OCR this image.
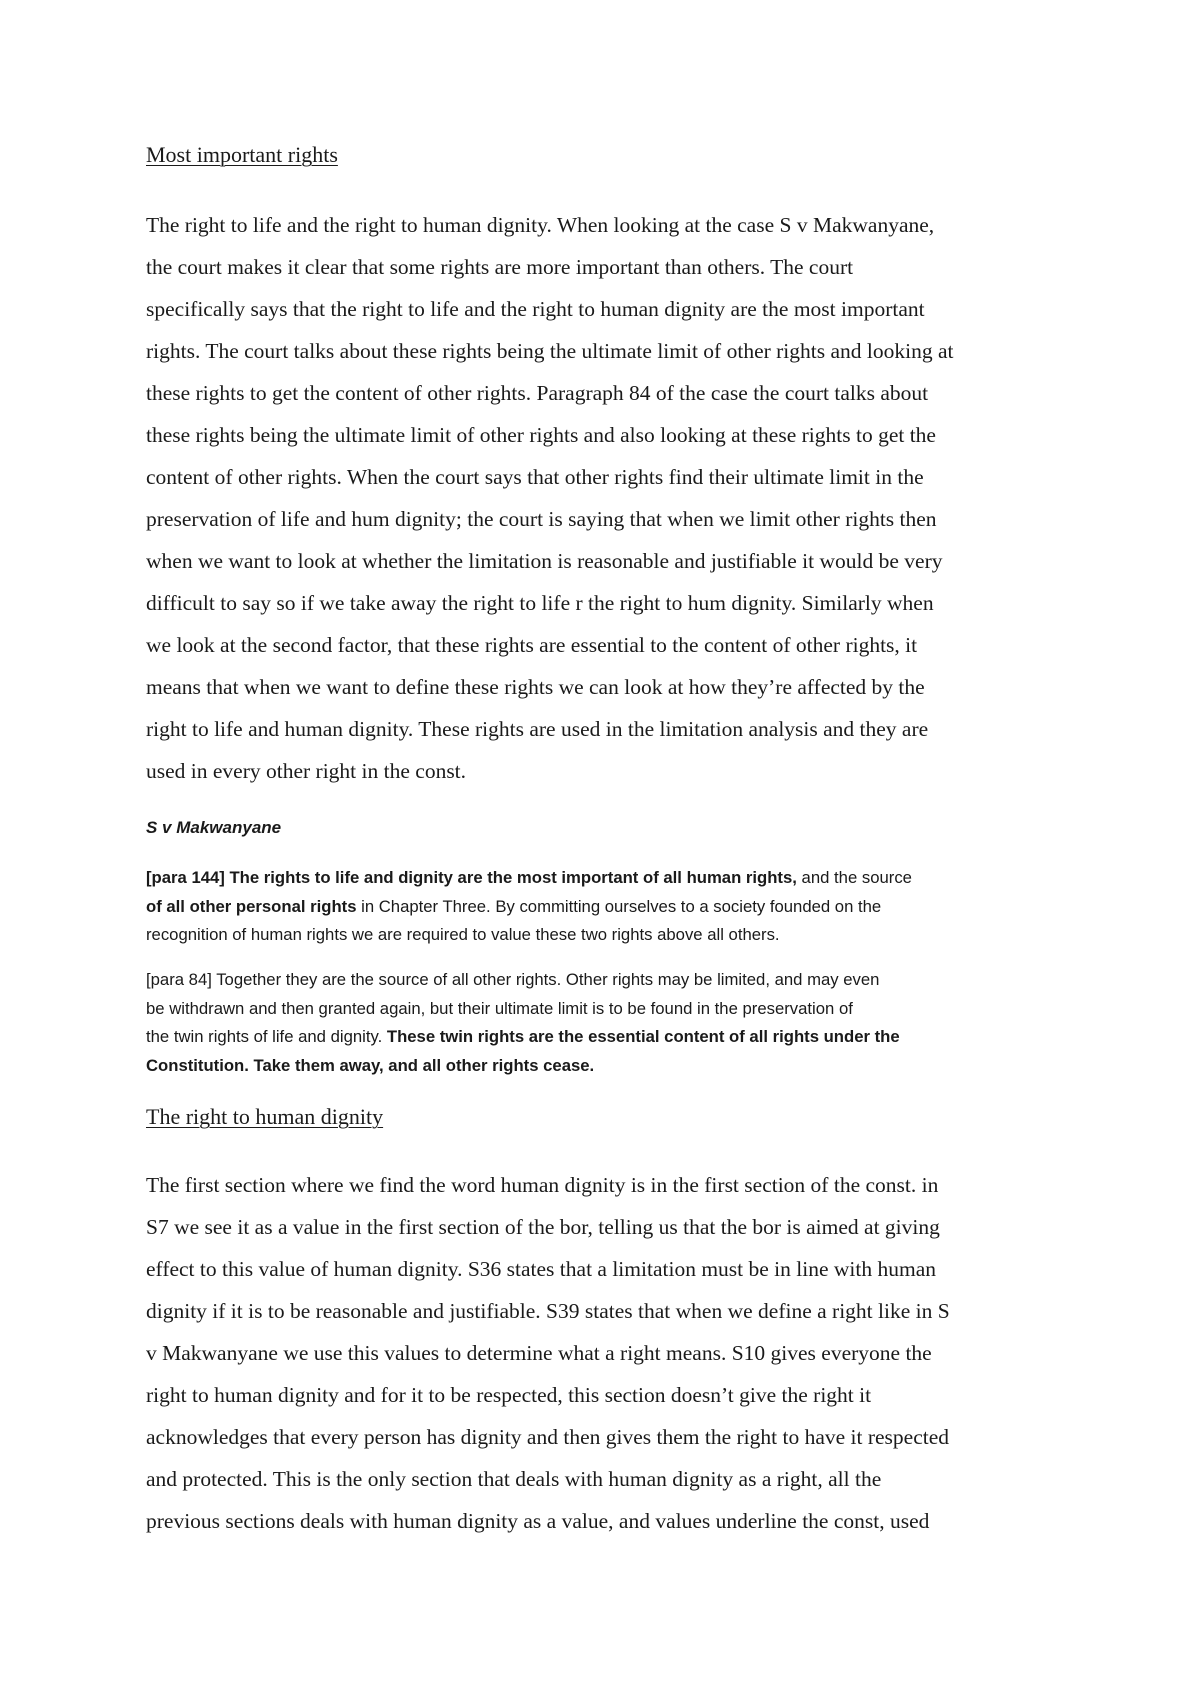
Most important rights

The right to life and the right to human dignity. When looking at the case S v Makwanyane,
the court makes it clear that some rights are more important than others. The court
specifically says that the right to life and the right to human dignity are the most important
rights. The court talks about these rights being the ultimate limit of other rights and looking at
these rights to get the content of other rights. Paragraph 84 of the case the court talks about
these rights being the ultimate limit of other rights and also looking at these rights to get the
content of other rights. When the court says that other rights find their ultimate limit in the
preservation of life and hum dignity; the court is saying that when we limit other rights then
when we want to look at whether the limitation is reasonable and justifiable it would be very
difficult to say so if we take away the right to life r the right to hum dignity. Similarly when
we look at the second factor, that these rights are essential to the content of other rights, it
means that when we want to define these rights we can look at how they’re affected by the
right to life and human dignity. These rights are used in the limitation analysis and they are
used in every other right in the const.

S v Makwanyane

[para 144] The rights to life and dignity are the most important of all human rights, and the source
of all other personal rights in Chapter Three. By committing ourselves to a society founded on the
recognition of human rights we are required to value these two rights above all others.

[para 84] Together they are the source of all other rights. Other rights may be limited, and may even
be withdrawn and then granted again, but their ultimate limit is to be found in the preservation of
the twin rights of life and dignity. These twin rights are the essential content of all rights under the
Constitution. Take them away, and all other rights cease.

The right to human dignity

The first section where we find the word human dignity is in the first section of the const. in
S7 we see it as a value in the first section of the bor, telling us that the bor is aimed at giving
effect to this value of human dignity. S36 states that a limitation must be in line with human
dignity if it is to be reasonable and justifiable. S39 states that when we define a right like in S
v Makwanyane we use this values to determine what a right means. S10 gives everyone the
right to human dignity and for it to be respected, this section doesn’t give the right it
acknowledges that every person has dignity and then gives them the right to have it respected
and protected. This is the only section that deals with human dignity as a right, all the
previous sections deals with human dignity as a value, and values underline the const, used
